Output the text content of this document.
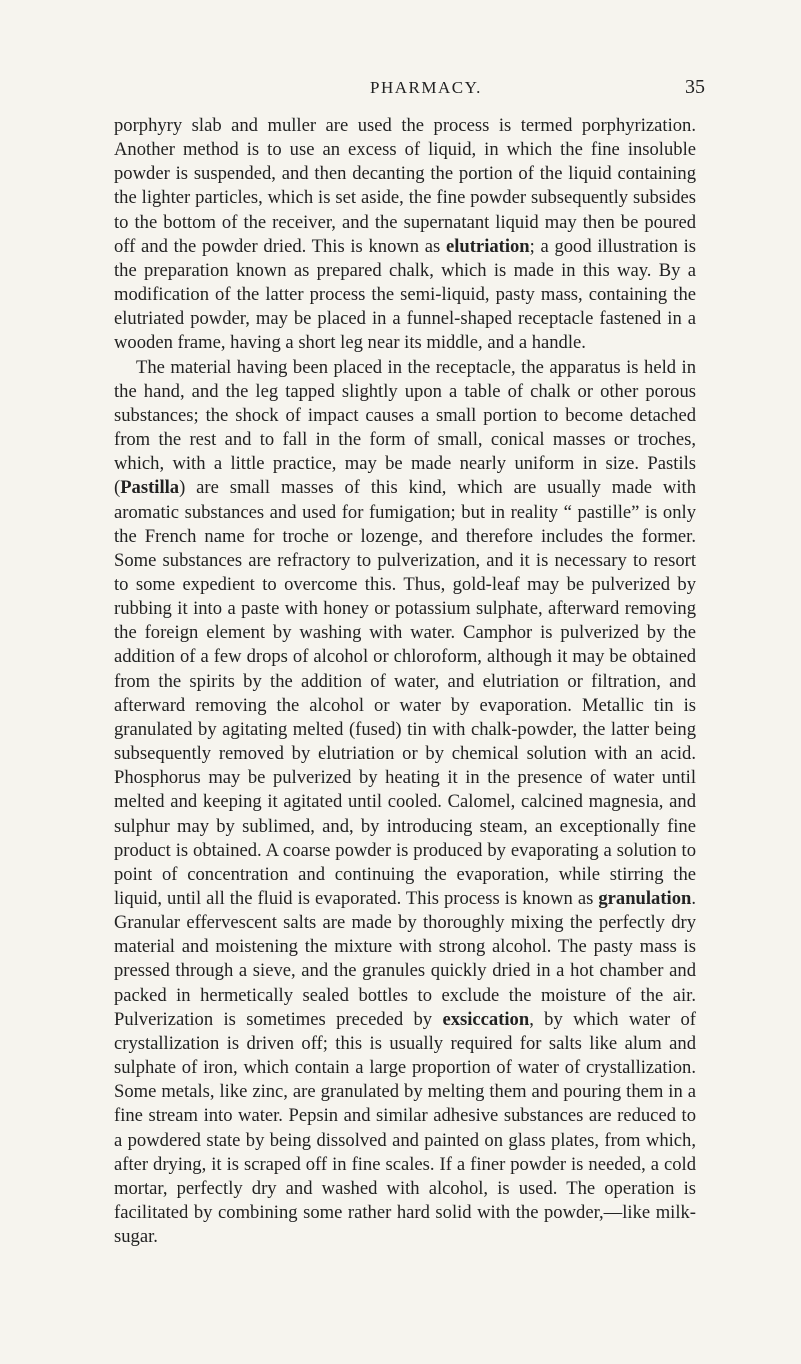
PHARMACY.	35

porphyry slab and muller are used the process is termed porphyrization. Another method is to use an excess of liquid, in which the fine insoluble powder is suspended, and then decanting the portion of the liquid containing the lighter particles, which is set aside, the fine powder subsequently subsides to the bottom of the receiver, and the supernatant liquid may then be poured off and the powder dried. This is known as elutriation; a good illustration is the preparation known as prepared chalk, which is made in this way. By a modification of the latter process the semi-liquid, pasty mass, containing the elutriated powder, may be placed in a funnel-shaped receptacle fastened in a wooden frame, having a short leg near its middle, and a handle.

The material having been placed in the receptacle, the apparatus is held in the hand, and the leg tapped slightly upon a table of chalk or other porous substances; the shock of impact causes a small portion to become detached from the rest and to fall in the form of small, conical masses or troches, which, with a little practice, may be made nearly uniform in size. Pastils (Pastilla) are small masses of this kind, which are usually made with aromatic substances and used for fumigation; but in reality “ pastille” is only the French name for troche or lozenge, and therefore includes the former. Some substances are refractory to pulverization, and it is necessary to resort to some expedient to overcome this. Thus, gold-leaf may be pulverized by rubbing it into a paste with honey or potassium sulphate, afterward removing the foreign element by washing with water. Camphor is pulverized by the addition of a few drops of alcohol or chloroform, although it may be obtained from the spirits by the addition of water, and elutriation or filtration, and afterward removing the alcohol or water by evaporation. Metallic tin is granulated by agitating melted (fused) tin with chalk-powder, the latter being subsequently removed by elutriation or by chemical solution with an acid. Phosphorus may be pulverized by heating it in the presence of water until melted and keeping it agitated until cooled. Calomel, calcined magnesia, and sulphur may by sublimed, and, by introducing steam, an exceptionally fine product is obtained. A coarse powder is produced by evaporating a solution to point of concentration and continuing the evaporation, while stirring the liquid, until all the fluid is evaporated. This process is known as granulation. Granular effervescent salts are made by thoroughly mixing the perfectly dry material and moistening the mixture with strong alcohol. The pasty mass is pressed through a sieve, and the granules quickly dried in a hot chamber and packed in hermetically sealed bottles to exclude the moisture of the air. Pulverization is sometimes preceded by exsiccation, by which water of crystallization is driven off; this is usually required for salts like alum and sulphate of iron, which contain a large proportion of water of crystallization. Some metals, like zinc, are granulated by melting them and pouring them in a fine stream into water. Pepsin and similar adhesive substances are reduced to a powdered state by being dissolved and painted on glass plates, from which, after drying, it is scraped off in fine scales. If a finer powder is needed, a cold mortar, perfectly dry and washed with alcohol, is used. The operation is facilitated by combining some rather hard solid with the powder,—like milk-sugar.
